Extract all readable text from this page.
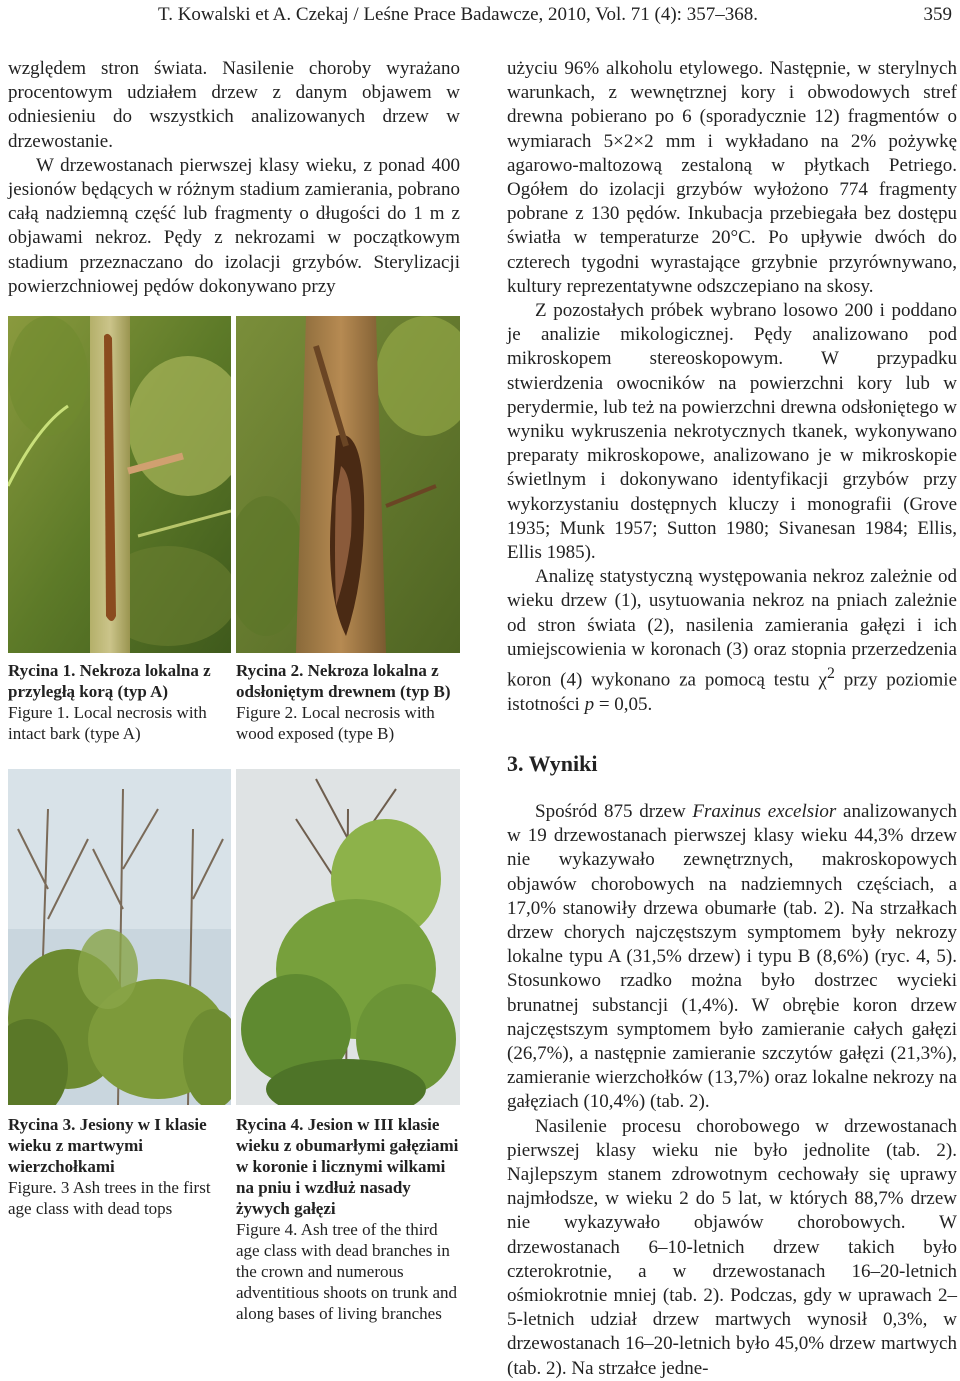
T. Kowalski et A. Czekaj / Leśne Prace Badawcze, 2010, Vol. 71 (4): 357–368.	359

względem stron świata. Nasilenie choroby wyrażano procentowym udziałem drzew z danym objawem w odniesieniu do wszystkich analizowanych drzew w drzewostanie.

W drzewostanach pierwszej klasy wieku, z ponad 400 jesionów będących w różnym stadium zamierania, pobrano całą nadziemną część lub fragmenty o długości do 1 m z objawami nekroz. Pędy z nekrozami w początkowym stadium przeznaczano do izolacji grzybów. Sterylizacji powierzchniowej pędów dokonywano przy

Rycina 1. Nekroza lokalna z przyległą korą (typ A)
Figure 1. Local necrosis with intact bark (type A)
Rycina 2. Nekroza lokalna z odsłoniętym drewnem (typ B)
Figure 2. Local necrosis with wood exposed (type B)
Rycina 3. Jesiony w I klasie wieku z martwymi wierzchołkami
Figure. 3 Ash trees in the first age class with dead tops
Rycina 4. Jesion w III klasie wieku z obumarłymi gałęziami w koronie i licznymi wilkami na pniu i wzdłuż nasady żywych gałęzi
Figure 4. Ash tree of the third age class with dead branches in the crown and numerous adventitious shoots on trunk and along bases of living branches

użyciu 96% alkoholu etylowego. Następnie, w sterylnych warunkach, z wewnętrznej kory i obwodowych stref drewna pobierano po 6 (sporadycznie 12) fragmentów o wymiarach 5×2×2 mm i wykładano na 2% pożywkę agarowo-maltozową zestaloną w płytkach Petriego. Ogółem do izolacji grzybów wyłożono 774 fragmenty pobrane z 130 pędów. Inkubacja przebiegała bez dostępu światła w temperaturze 20°C. Po upływie dwóch do czterech tygodni wyrastające grzybnie przyrównywano, kultury reprezentatywne odszczepiano na skosy.

Z pozostałych próbek wybrano losowo 200 i poddano je analizie mikologicznej. Pędy analizowano pod mikroskopem stereoskopowym. W przypadku stwierdzenia owocników na powierzchni kory lub w perydermie, lub też na powierzchni drewna odsłoniętego w wyniku wykruszenia nekrotycznych tkanek, wykonywano preparaty mikroskopowe, analizowano je w mikroskopie świetlnym i dokonywano identyfikacji grzybów przy wykorzystaniu dostępnych kluczy i monografii (Grove 1935; Munk 1957; Sutton 1980; Sivanesan 1984; Ellis, Ellis 1985).

Analizę statystyczną występowania nekroz zależnie od wieku drzew (1), usytuowania nekroz na pniach zależnie od stron świata (2), nasilenia zamierania gałęzi i ich umiejscowienia w koronach (3) oraz stopnia przerzedzenia koron (4) wykonano za pomocą testu $\chi^2$ przy poziomie istotności p = 0,05.

3. Wyniki

Spośród 875 drzew Fraxinus excelsior analizowanych w 19 drzewostanach pierwszej klasy wieku 44,3% drzew nie wykazywało zewnętrznych, makroskopowych objawów chorobowych na nadziemnych częściach, a 17,0% stanowiły drzewa obumarłe (tab. 2). Na strzałkach drzew chorych najczęstszym symptomem były nekrozy lokalne typu A (31,5% drzew) i typu B (8,6%) (ryc. 4, 5). Stosunkowo rzadko można było dostrzec wycieki brunatnej substancji (1,4%). W obrębie koron drzew najczęstszym symptomem było zamieranie całych gałęzi (26,7%), a następnie zamieranie szczytów gałęzi (21,3%), zamieranie wierzchołków (13,7%) oraz lokalne nekrozy na gałęziach (10,4%) (tab. 2).

Nasilenie procesu chorobowego w drzewostanach pierwszej klasy wieku nie było jednolite (tab. 2). Najlepszym stanem zdrowotnym cechowały się uprawy najmłodsze, w wieku 2 do 5 lat, w których 88,7% drzew nie wykazywało objawów chorobowych. W drzewostanach 6–10-letnich drzew takich było czterokrotnie, a w drzewostanach 16–20-letnich ośmiokrotnie mniej (tab. 2). Podczas, gdy w uprawach 2–5-letnich udział drzew martwych wynosił 0,3%, w drzewostanach 16–20-letnich było 45,0% drzew martwych (tab. 2). Na strzałce jedne-
